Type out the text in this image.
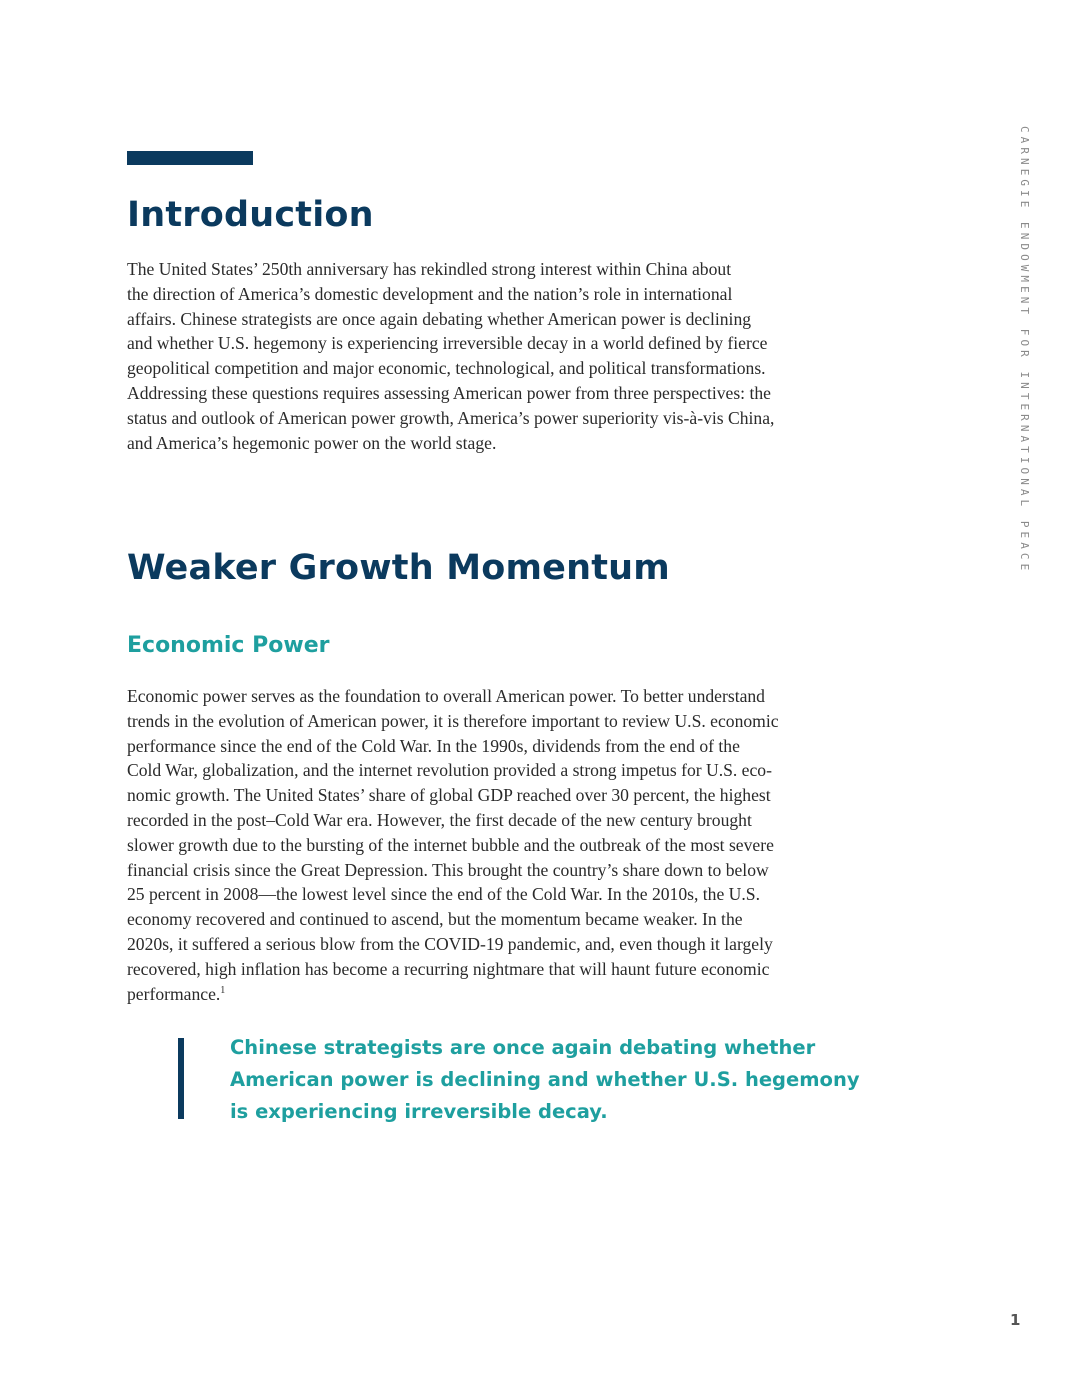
Introduction

The United States’ 250th anniversary has rekindled strong interest within China about
the direction of America’s domestic development and the nation’s role in international
affairs. Chinese strategists are once again debating whether American power is declining
and whether U.S. hegemony is experiencing irreversible decay in a world defined by fierce
geopolitical competition and major economic, technological, and political transformations.
Addressing these questions requires assessing American power from three perspectives: the
status and outlook of American power growth, America’s power superiority vis-à-vis China,
and America’s hegemonic power on the world stage.

Weaker Growth Momentum
Economic Power

Economic power serves as the foundation to overall American power. To better understand
trends in the evolution of American power, it is therefore important to review U.S. economic
performance since the end of the Cold War. In the 1990s, dividends from the end of the
Cold War, globalization, and the internet revolution provided a strong impetus for U.S. eco-
nomic growth. The United States’ share of global GDP reached over 30 percent, the highest
recorded in the post–Cold War era. However, the first decade of the new century brought
slower growth due to the bursting of the internet bubble and the outbreak of the most severe
financial crisis since the Great Depression. This brought the country’s share down to below
25 percent in 2008—the lowest level since the end of the Cold War. In the 2010s, the U.S.
economy recovered and continued to ascend, but the momentum became weaker. In the
2020s, it suffered a serious blow from the COVID-19 pandemic, and, even though it largely
recovered, high inflation has become a recurring nightmare that will haunt future economic
performance.$^1$

Chinese strategists are once again debating whether
American power is declining and whether U.S. hegemony
is experiencing irreversible decay.
CARNEGIE ENDOWMENT FOR INTERNATIONAL PEACE
1
